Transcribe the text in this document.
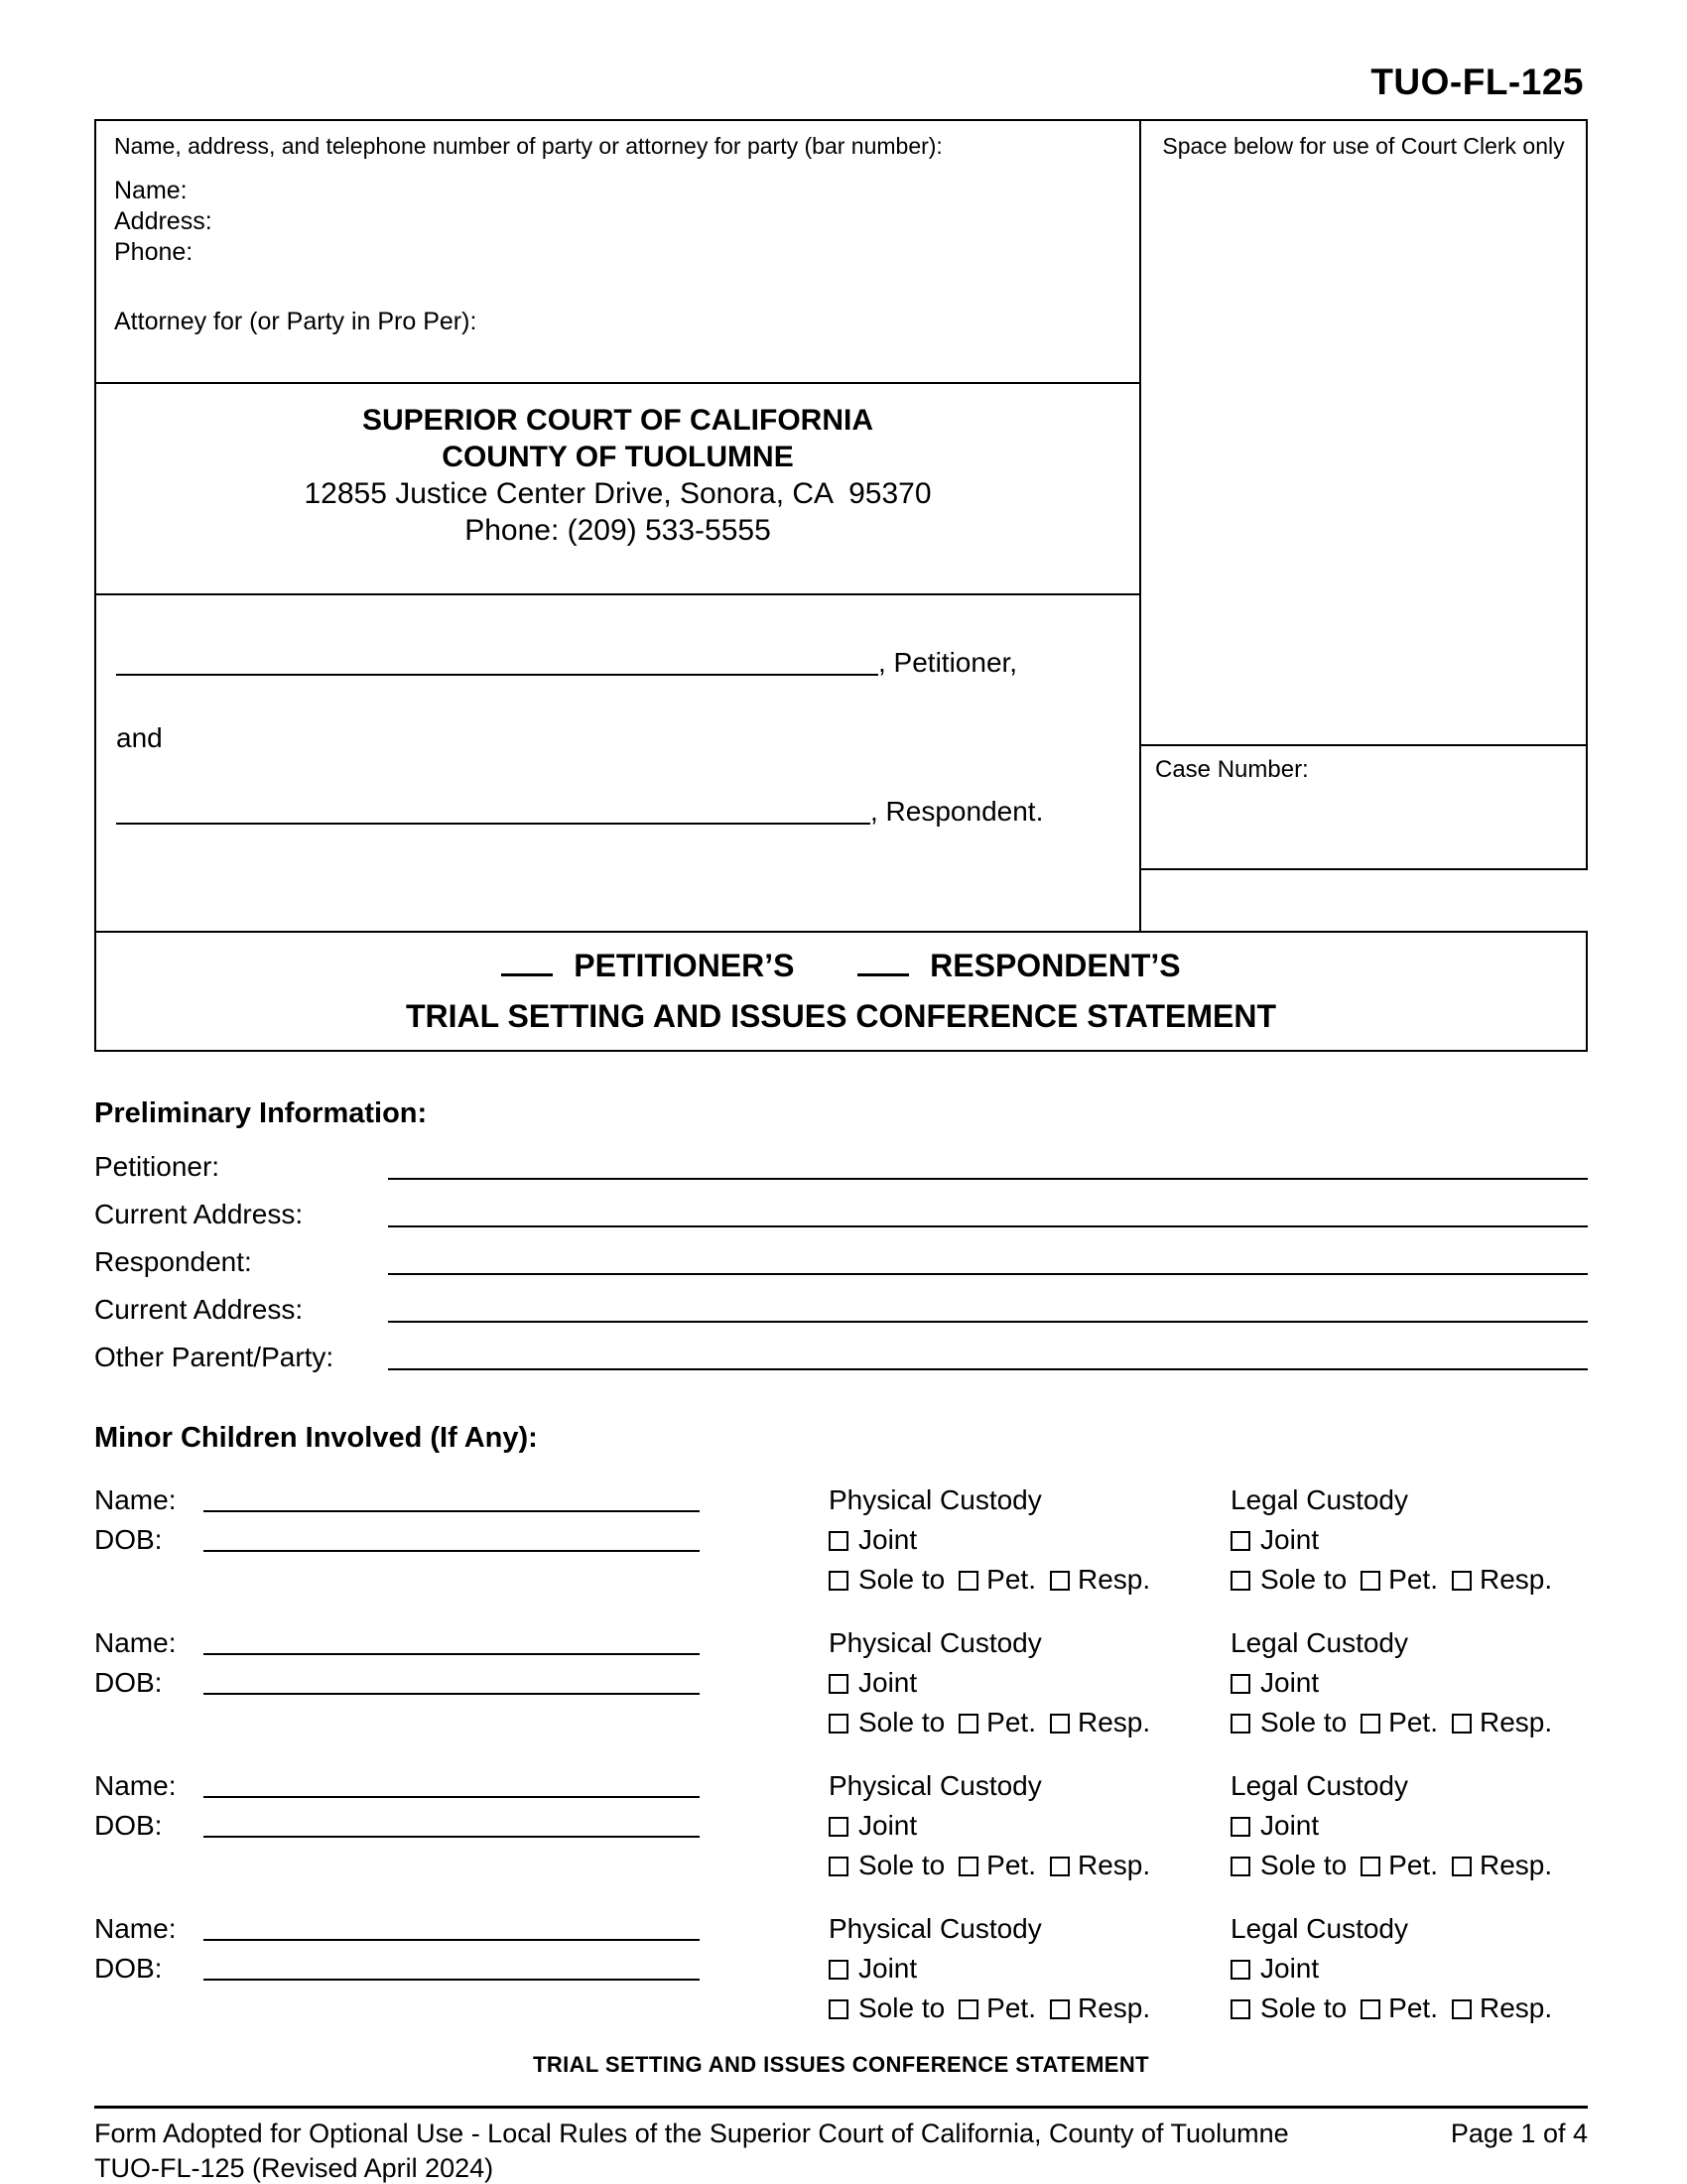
TUO-FL-125
Name, address, and telephone number of party or attorney for party (bar number):
Name:
Address:
Phone:
Attorney for (or Party in Pro Per):
SUPERIOR COURT OF CALIFORNIA
COUNTY OF TUOLUMNE
12855 Justice Center Drive, Sonora, CA  95370
Phone: (209) 533-5555
, Petitioner,
and
, Respondent.
Space below for use of Court Clerk only
Case Number:
PETITIONER’S	RESPONDENT’S
TRIAL SETTING AND ISSUES CONFERENCE STATEMENT
Preliminary Information:
Petitioner:
Current Address:
Respondent:
Current Address:
Other Parent/Party:
Minor Children Involved (If Any):
Name:
DOB:
Physical Custody
Joint
Sole to Pet. Resp.
Legal Custody
Joint
Sole to Pet. Resp.
Name:
DOB:
Physical Custody
Joint
Sole to Pet. Resp.
Legal Custody
Joint
Sole to Pet. Resp.
Name:
DOB:
Physical Custody
Joint
Sole to Pet. Resp.
Legal Custody
Joint
Sole to Pet. Resp.
Name:
DOB:
Physical Custody
Joint
Sole to Pet. Resp.
Legal Custody
Joint
Sole to Pet. Resp.
TRIAL SETTING AND ISSUES CONFERENCE STATEMENT
Form Adopted for Optional Use - Local Rules of the Superior Court of California, County of Tuolumne	Page 1 of 4
TUO-FL-125 (Revised April 2024)
